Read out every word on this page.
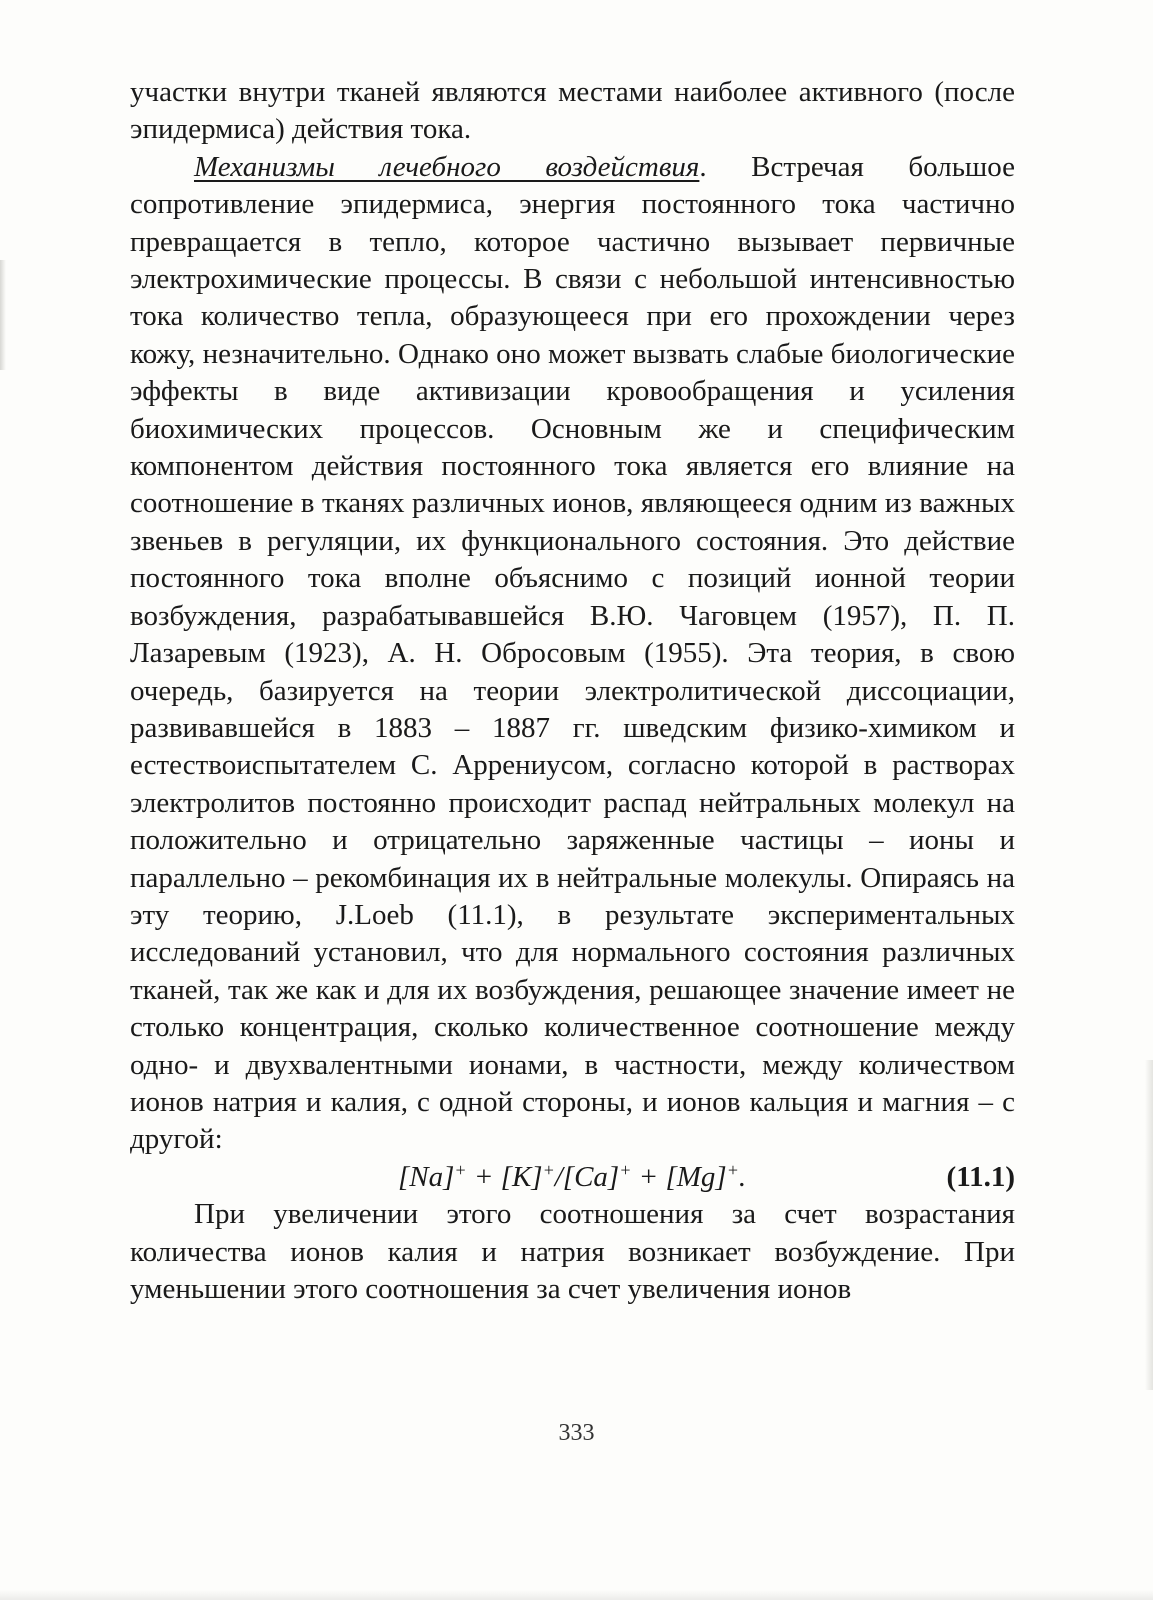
участки внутри тканей являются местами наиболее активного (после эпидермиса) действия тока.

Механизмы лечебного воздействия. Встречая большое сопротивление эпидермиса, энергия постоянного тока частично превращается в тепло, которое частично вызывает первичные электрохимические процессы. В связи с небольшой интенсивностью тока количество тепла, образующееся при его прохождении через кожу, незначительно. Однако оно может вызвать слабые биологические эффекты в виде активизации кровообращения и усиления биохимических процессов. Основным же и специфическим компонентом действия постоянного тока является его влияние на соотношение в тканях различных ионов, являющееся одним из важных звеньев в регуляции, их функционального состояния. Это действие постоянного тока вполне объяснимо с позиций ионной теории возбуждения, разрабатывавшейся В.Ю. Чаговцем (1957), П. П. Лазаревым (1923), А. Н. Обросовым (1955). Эта теория, в свою очередь, базируется на теории электролитической диссоциации, развивавшейся в 1883 – 1887 гг. шведским физико-химиком и естествоиспытателем С. Аррениусом, согласно которой в растворах электролитов постоянно происходит распад нейтральных молекул на положительно и отрицательно заряженные частицы – ионы и параллельно – рекомбинация их в нейтральные молекулы. Опираясь на эту теорию, J.Loeb (11.1), в результате экспериментальных исследований установил, что для нормального состояния различных тканей, так же как и для их возбуждения, решающее значение имеет не столько концентрация, сколько количественное соотношение между одно- и двухвалентными ионами, в частности, между количеством ионов натрия и калия, с одной стороны, и ионов кальция и магния – с другой:

[Na]+ + [K]+/[Ca]+ + [Mg]+.	(11.1)

При увеличении этого соотношения за счет возрастания количества ионов калия и натрия возникает возбуждение. При уменьшении этого соотношения за счет увеличения ионов

333
